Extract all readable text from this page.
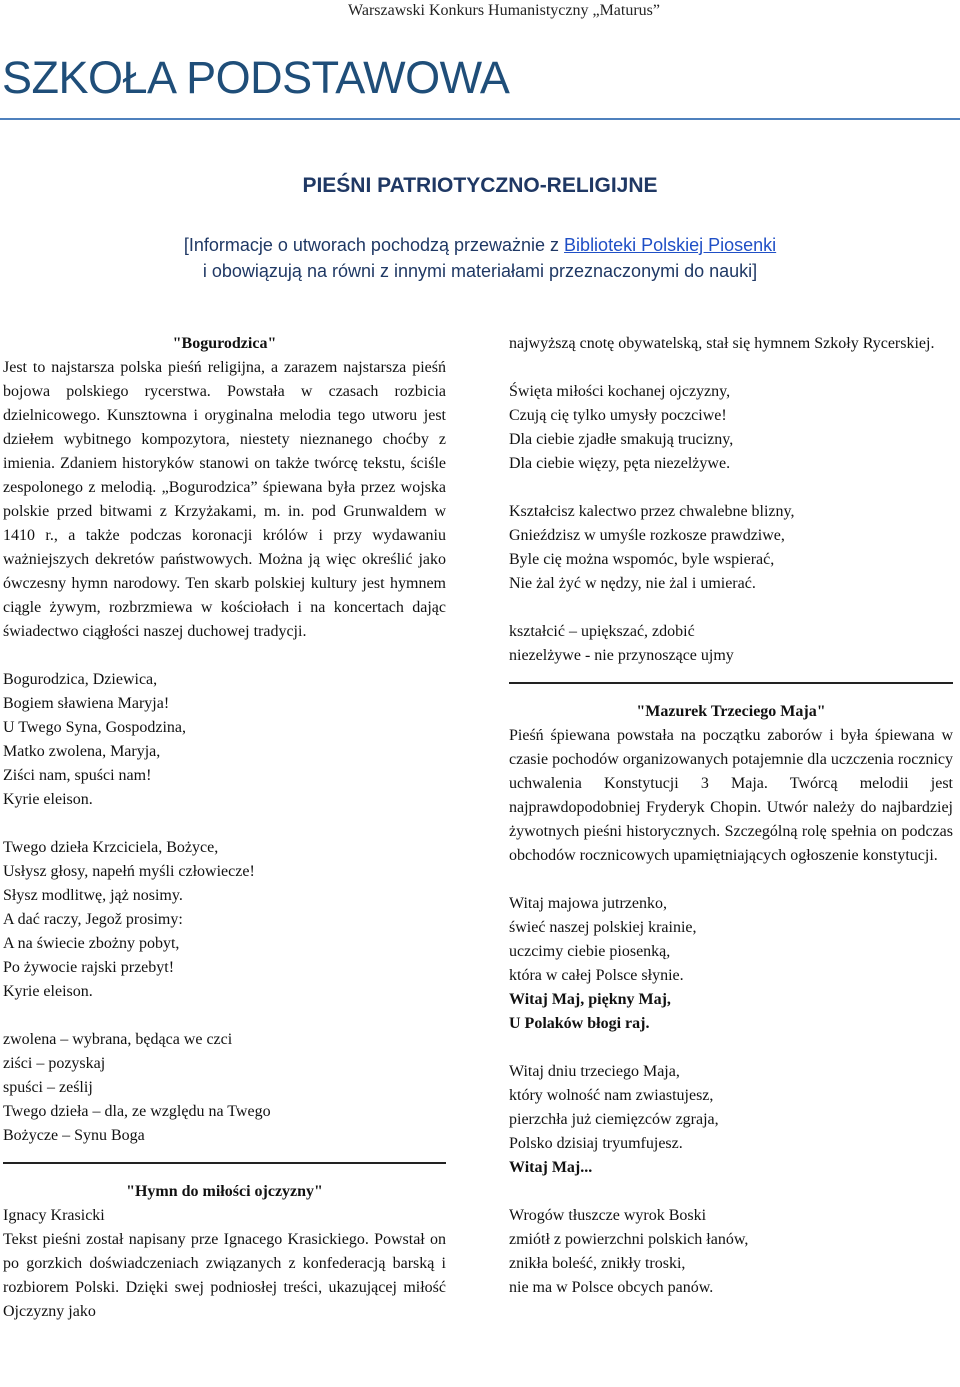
Warszawski Konkurs Humanistyczny „Maturus”
SZKOŁA PODSTAWOWA
PIEŚNI PATRIOTYCZNO-RELIGIJNE
[Informacje o utworach pochodzą przeważnie z Biblioteki Polskiej Piosenki
i obowiązują na równi z innymi materiałami przeznaczonymi do nauki]
"Bogurodzica"
Jest to najstarsza polska pieśń religijna, a zarazem najstarsza pieśń bojowa polskiego rycerstwa. Powstała w czasach rozbicia dzielnicowego. Kunsztowna i oryginalna melodia tego utworu jest dziełem wybitnego kompozytora, niestety nieznanego choćby z imienia. Zdaniem historyków stanowi on także twórcę tekstu, ściśle zespolonego z melodią. „Bogurodzica” śpiewana była przez wojska polskie przed bitwami z Krzyżakami, m. in. pod Grunwaldem w 1410 r., a także podczas koronacji królów i przy wydawaniu ważniejszych dekretów państwowych. Można ją więc określić jako ówczesny hymn narodowy. Ten skarb polskiej kultury jest hymnem ciągle żywym, rozbrzmiewa w kościołach i na koncertach dając świadectwo ciągłości naszej duchowej tradycji.
Bogurodzica, Dziewica,
Bogiem sławiena Maryja!
U Twego Syna, Gospodzina,
Matko zwolena, Maryja,
Ziści nam, spuści nam!
Kyrie eleison.
Twego dzieła Krzciciela, Bożyce,
Usłysz głosy, napełń myśli człowiecze!
Słysz modlitwę, jąż nosimy.
A dać raczy, Jegož prosimy:
A na świecie zbożny pobyt,
Po żywocie rajski przebyt!
Kyrie eleison.
zwolena – wybrana, będąca we czci
ziści – pozyskaj
spuści – ześlij
Twego dzieła – dla, ze względu na Twego
Bożycze – Synu Boga
"Hymn do miłości ojczyzny"
Ignacy Krasicki
Tekst pieśni został napisany prze Ignacego Krasickiego. Powstał on po gorzkich doświadczeniach związanych z konfederacją barską i rozbiorem Polski. Dzięki swej podniosłej treści, ukazującej miłość Ojczyzny jako
najwyższą cnotę obywatelską, stał się hymnem Szkoły Rycerskiej.
Święta miłości kochanej ojczyzny,
Czują cię tylko umysły poczciwe!
Dla ciebie zjadłe smakują trucizny,
Dla ciebie więzy, pęta niezelżywe.
Kształcisz kalectwo przez chwalebne blizny,
Gnieździsz w umyśle rozkosze prawdziwe,
Byle cię można wspomóc, byle wspierać,
Nie żal żyć w nędzy, nie żal i umierać.
kształcić – upiększać, zdobić
niezelżywe - nie przynoszące ujmy
"Mazurek Trzeciego Maja"
Pieśń śpiewana powstała na początku zaborów i była śpiewana w czasie pochodów organizowanych potajemnie dla uczczenia rocznicy uchwalenia Konstytucji 3 Maja. Twórcą melodii jest najprawdopodobniej Fryderyk Chopin. Utwór należy do najbardziej żywotnych pieśni historycznych. Szczególną rolę spełnia on podczas obchodów rocznicowych upamiętniających ogłoszenie konstytucji.
Witaj majowa jutrzenko,
świeć naszej polskiej krainie,
uczcimy ciebie piosenką,
która w całej Polsce słynie.
Witaj Maj, piękny Maj,
U Polaków błogi raj.
Witaj dniu trzeciego Maja,
który wolność nam zwiastujesz,
pierzchła już ciemięzców zgraja,
Polsko dzisiaj tryumfujesz.
Witaj Maj...
Wrogów tłuszcze wyrok Boski
zmiótł z powierzchni polskich łanów,
znikła boleść, znikły troski,
nie ma w Polsce obcych panów.
